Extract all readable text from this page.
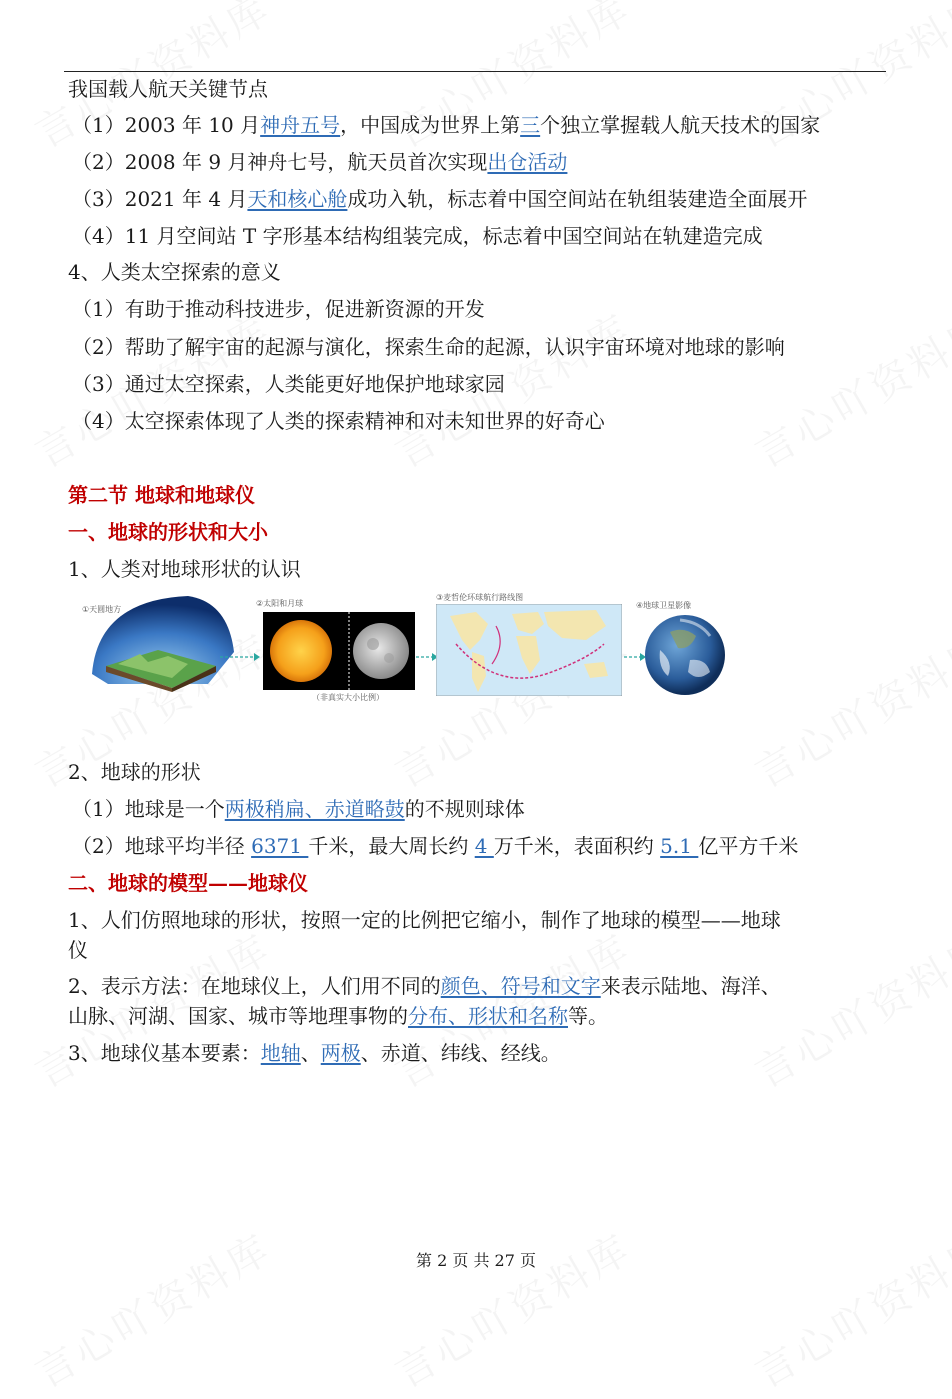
我国载人航天关键节点
（1）2003 年 10 月神舟五号，中国成为世界上第三个独立掌握载人航天技术的国家
（2）2008 年 9 月神舟七号，航天员首次实现出仓活动
（3）2021 年 4 月天和核心舱成功入轨，标志着中国空间站在轨组装建造全面展开
（4）11 月空间站 T 字形基本结构组装完成，标志着中国空间站在轨建造完成
4、人类太空探索的意义
（1）有助于推动科技进步，促进新资源的开发
（2）帮助了解宇宙的起源与演化，探索生命的起源，认识宇宙环境对地球的影响
（3）通过太空探索，人类能更好地保护地球家园
（4）太空探索体现了人类的探索精神和对未知世界的好奇心
第二节 地球和地球仪
一、地球的形状和大小
1、人类对地球形状的认识
①天圆地方
②太阳和月球
（非真实大小比例）
③麦哲伦环球航行路线图
④地球卫星影像
2、地球的形状
（1）地球是一个两极稍扁、赤道略鼓的不规则球体
（2）地球平均半径 6371 千米，最大周长约 4 万千米，表面积约 5.1 亿平方千米
二、地球的模型——地球仪
1、人们仿照地球的形状，按照一定的比例把它缩小，制作了地球的模型——地球
仪
2、表示方法：在地球仪上，人们用不同的颜色、符号和文字来表示陆地、海洋、
山脉、河湖、国家、城市等地理事物的分布、形状和名称等。
3、地球仪基本要素：地轴、两极、赤道、纬线、经线。
第 2 页 共 27 页
